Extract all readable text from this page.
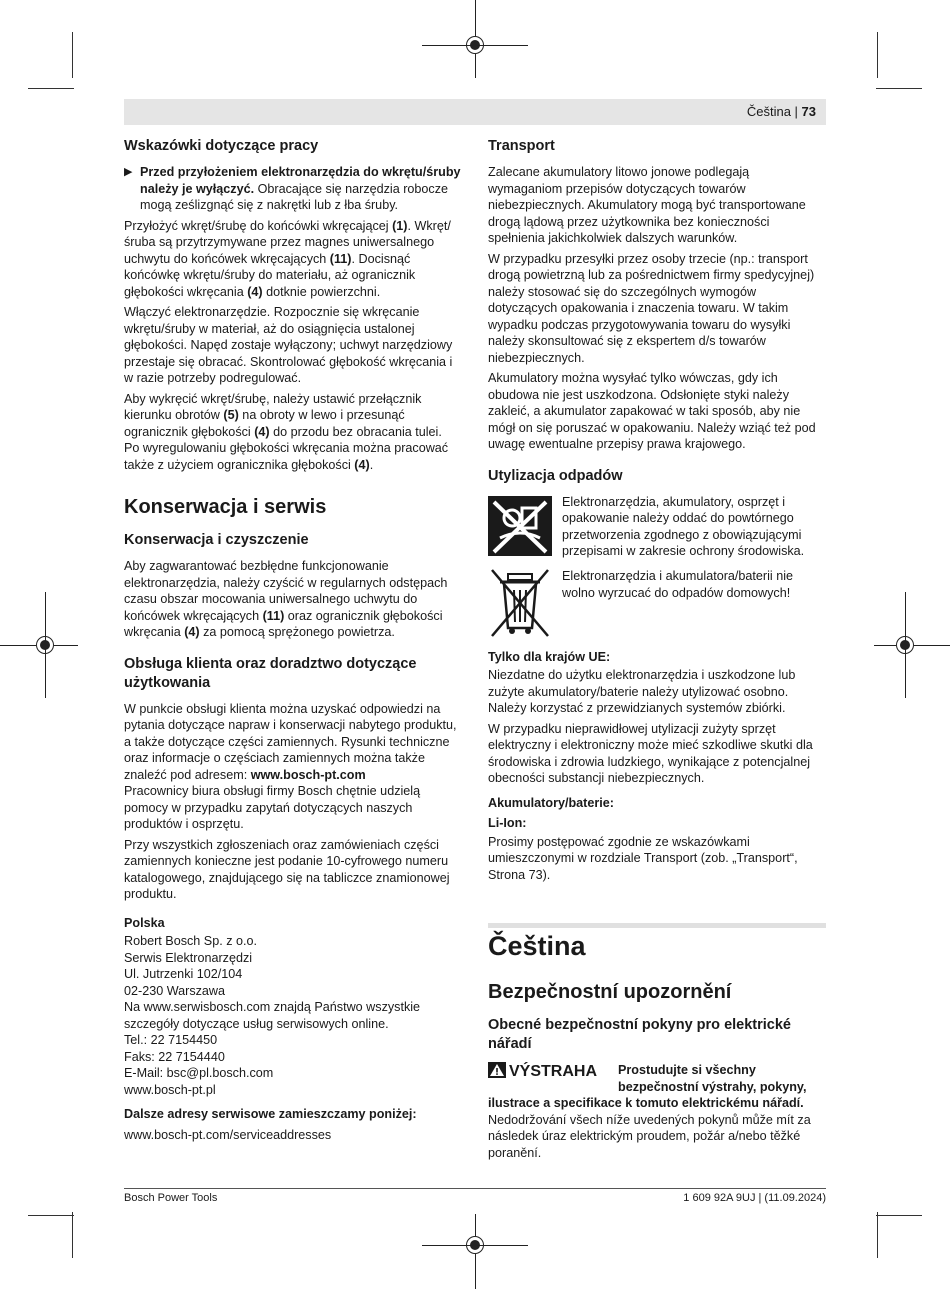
Čeština | 73
Wskazówki dotyczące pracy
▶ Przed przyłożeniem elektronarzędzia do wkrętu/śruby należy je wyłączyć. Obracające się narzędzia robocze mogą ześlizgnąć się z nakrętki lub z łba śruby.

Przyłożyć wkręt/śrubę do końcówki wkręcającej (1). Wkręt/śruba są przytrzymywane przez magnes uniwersalnego uchwytu do końcówek wkręcających (11). Docisnąć końcówkę wkrętu/śruby do materiału, aż ogranicznik głębokości wkręcania (4) dotknie powierzchni.

Włączyć elektronarzędzie. Rozpocznie się wkręcanie wkrętu/śruby w materiał, aż do osiągnięcia ustalonej głębokości. Napęd zostaje wyłączony; uchwyt narzędziowy przestaje się obracać. Skontrolować głębokość wkręcania i w razie potrzeby podregulować.

Aby wykręcić wkręt/śrubę, należy ustawić przełącznik kierunku obrotów (5) na obroty w lewo i przesunąć ogranicznik głębokości (4) do przodu bez obracania tulei.

Po wyregulowaniu głębokości wkręcania można pracować także z użyciem ogranicznika głębokości (4).

Konserwacja i serwis
Konserwacja i czyszczenie

Aby zagwarantować bezbłędne funkcjonowanie elektronarzędzia, należy czyścić w regularnych odstępach czasu obszar mocowania uniwersalnego uchwytu do końcówek wkręcających (11) oraz ogranicznik głębokości wkręcania (4) za pomocą sprężonego powietrza.

Obsługa klienta oraz doradztwo dotyczące użytkowania

W punkcie obsługi klienta można uzyskać odpowiedzi na pytania dotyczące napraw i konserwacji nabytego produktu, a także dotyczące części zamiennych. Rysunki techniczne oraz informacje o częściach zamiennych można także znaleźć pod adresem: www.bosch-pt.com

Pracownicy biura obsługi firmy Bosch chętnie udzielą pomocy w przypadku zapytań dotyczących naszych produktów i osprzętu.

Przy wszystkich zgłoszeniach oraz zamówieniach części zamiennych konieczne jest podanie 10-cyfrowego numeru katalogowego, znajdującego się na tabliczce znamionowej produktu.

Polska
Robert Bosch Sp. z o.o.
Serwis Elektronarzędzi
Ul. Jutrzenki 102/104
02-230 Warszawa
Na www.serwisbosch.com znajdą Państwo wszystkie szczegóły dotyczące usług serwisowych online.
Tel.: 22 7154450
Faks: 22 7154440
E-Mail: bsc@pl.bosch.com
www.bosch-pt.pl
Dalsze adresy serwisowe zamieszczamy poniżej:
www.bosch-pt.com/serviceaddresses
Transport

Zalecane akumulatory litowo jonowe podlegają wymaganiom przepisów dotyczących towarów niebezpiecznych. Akumulatory mogą być transportowane drogą lądową przez użytkownika bez konieczności spełnienia jakichkolwiek dalszych warunków.

W przypadku przesyłki przez osoby trzecie (np.: transport drogą powietrzną lub za pośrednictwem firmy spedycyjnej) należy stosować się do szczególnych wymogów dotyczących opakowania i znaczenia towaru. W takim wypadku podczas przygotowywania towaru do wysyłki należy skonsultować się z ekspertem d/s towarów niebezpiecznych.

Akumulatory można wysyłać tylko wówczas, gdy ich obudowa nie jest uszkodzona. Odsłonięte styki należy zakleić, a akumulator zapakować w taki sposób, aby nie mógł on się poruszać w opakowaniu. Należy wziąć też pod uwagę ewentualne przepisy prawa krajowego.

Utylizacja odpadów
Elektronarzędzia, akumulatory, osprzęt i opakowanie należy oddać do powtórnego przetworzenia zgodnego z obowiązującymi przepisami w zakresie ochrony środowiska.
Elektronarzędzia i akumulatora/baterii nie wolno wyrzucać do odpadów domowych!
Tylko dla krajów UE:

Niezdatne do użytku elektronarzędzia i uszkodzone lub zużyte akumulatory/baterie należy utylizować osobno. Należy korzystać z przewidzianych systemów zbiórki.

W przypadku nieprawidłowej utylizacji zużyty sprzęt elektryczny i elektroniczny może mieć szkodliwe skutki dla środowiska i zdrowia ludzkiego, wynikające z potencjalnej obecności substancji niebezpiecznych.

Akumulatory/baterie:
Li-Ion:

Prosimy postępować zgodnie ze wskazówkami umieszczonymi w rozdziale Transport (zob. „Transport“, Strona 73).

Čeština
Bezpečnostní upozornění
Obecné bezpečnostní pokyny pro elektrické nářadí
VÝSTRAHA Prostudujte si všechny bezpečnostní výstrahy, pokyny,
ilustrace a specifikace k tomuto elektrickému nářadí. Nedodržování všech níže uvedených pokynů může mít za následek úraz elektrickým proudem, požár a/nebo těžké poranění.
Bosch Power Tools	1 609 92A 9UJ | (11.09.2024)
